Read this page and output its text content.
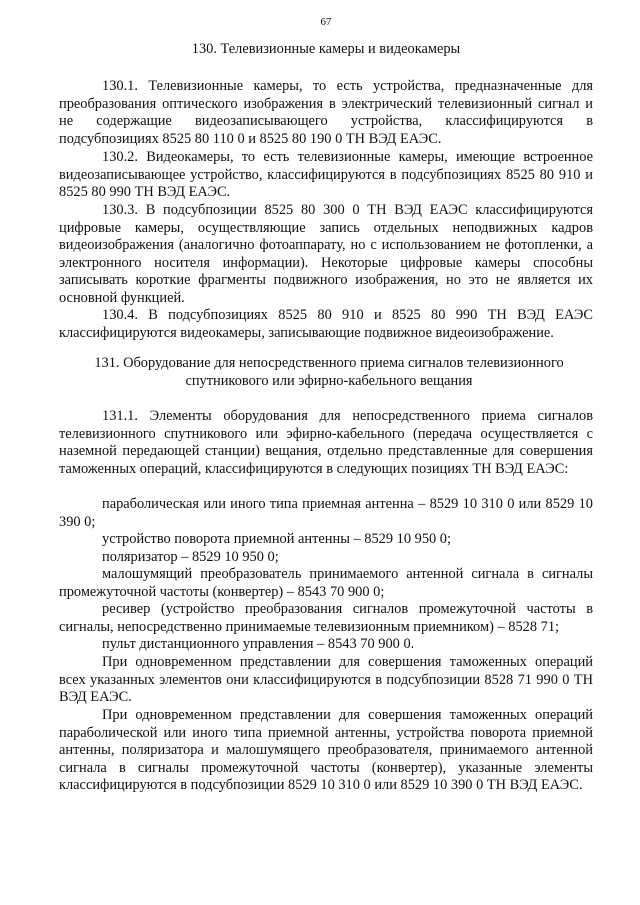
67
130. Телевизионные камеры и видеокамеры

130.1. Телевизионные камеры, то есть устройства, предназначенные для преобразования оптического изображения в электрический телевизионный сигнал и не содержащие видеозаписывающего устройства, классифицируются в подсубпозициях 8525 80 110 0 и 8525 80 190 0 ТН ВЭД ЕАЭС.

130.2. Видеокамеры, то есть телевизионные камеры, имеющие встроенное видеозаписывающее устройство, классифицируются в подсубпозициях 8525 80 910 и 8525 80 990 ТН ВЭД ЕАЭС.

130.3. В подсубпозиции 8525 80 300 0 ТН ВЭД ЕАЭС классифицируются цифровые камеры, осуществляющие запись отдельных неподвижных кадров видеоизображения (аналогично фотоаппарату, но с использованием не фотопленки, а электронного носителя информации). Некоторые цифровые камеры способны записывать короткие фрагменты подвижного изображения, но это не является их основной функцией.

130.4. В подсубпозициях 8525 80 910 и 8525 80 990 ТН ВЭД ЕАЭС классифицируются видеокамеры, записывающие подвижное видеоизображение.

131. Оборудование для непосредственного приема сигналов телевизионного
спутникового или эфирно-кабельного вещания

131.1. Элементы оборудования для непосредственного приема сигналов телевизионного спутникового или эфирно-кабельного (передача осуществляется с наземной передающей станции) вещания, отдельно представленные для совершения таможенных операций, классифицируются в следующих позициях ТН ВЭД ЕАЭС:

параболическая или иного типа приемная антенна – 8529 10 310 0 или 8529 10 390 0;

устройство поворота приемной антенны – 8529 10 950 0;

поляризатор – 8529 10 950 0;

малошумящий преобразователь принимаемого антенной сигнала в сигналы промежуточной частоты (конвертер) – 8543 70 900 0;

ресивер (устройство преобразования сигналов промежуточной частоты в сигналы, непосредственно принимаемые телевизионным приемником) – 8528 71;

пульт дистанционного управления – 8543 70 900 0.

При одновременном представлении для совершения таможенных операций всех указанных элементов они классифицируются в подсубпозиции 8528 71 990 0 ТН ВЭД ЕАЭС.

При одновременном представлении для совершения таможенных операций параболической или иного типа приемной антенны, устройства поворота приемной антенны, поляризатора и малошумящего преобразователя, принимаемого антенной сигнала в сигналы промежуточной частоты (конвертер), указанные элементы классифицируются в подсубпозиции 8529 10 310 0 или 8529 10 390 0 ТН ВЭД ЕАЭС.
